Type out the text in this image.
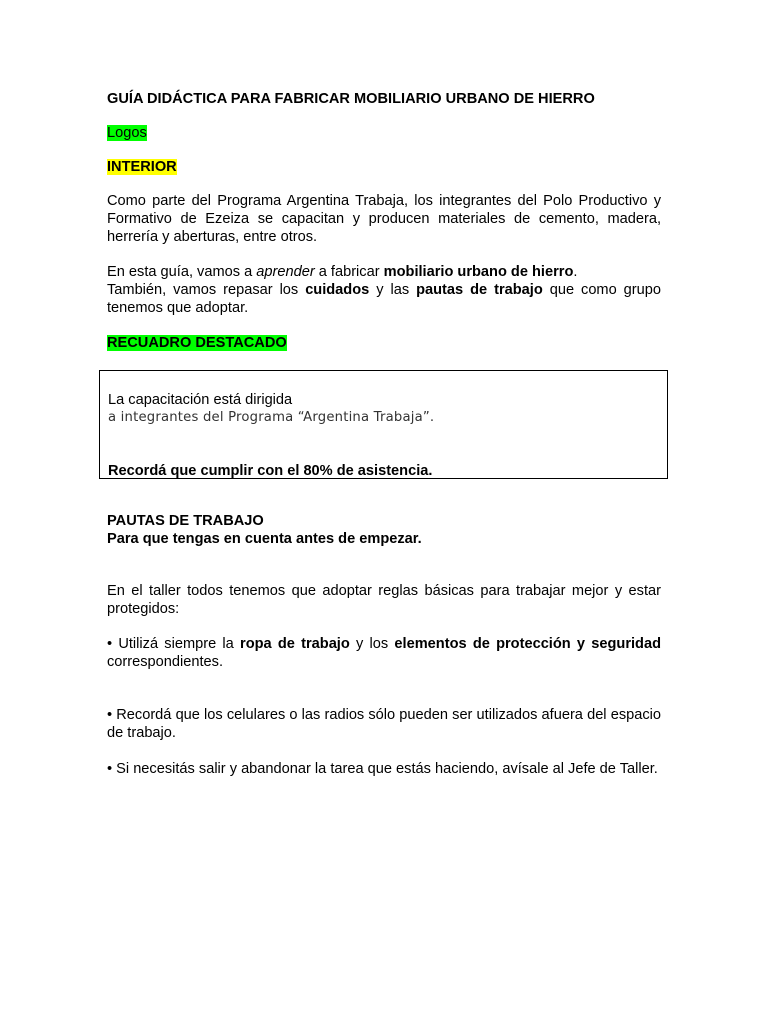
GUÍA DIDÁCTICA PARA FABRICAR MOBILIARIO URBANO DE HIERRO

Logos

INTERIOR

Como parte del Programa Argentina Trabaja, los integrantes del Polo Productivo y Formativo de Ezeiza se capacitan y producen materiales de cemento, madera, herrería y aberturas, entre otros.

En esta guía, vamos a aprender a fabricar mobiliario urbano de hierro.
También, vamos repasar los cuidados y las pautas de trabajo que como grupo tenemos que adoptar.

RECUADRO DESTACADO

La capacitación está dirigida

a integrantes del Programa “Argentina Trabaja”.

Recordá que cumplir con el 80% de asistencia.

PAUTAS DE TRABAJO

Para que tengas en cuenta antes de empezar.

En el taller todos tenemos que adoptar reglas básicas para trabajar mejor y estar protegidos:

• Utilizá siempre la ropa de trabajo y los elementos de protección y seguridad correspondientes.

• Recordá que los celulares o las radios sólo pueden ser utilizados afuera del espacio de trabajo.

• Si necesitás salir y abandonar la tarea que estás haciendo, avísale al Jefe de Taller.
